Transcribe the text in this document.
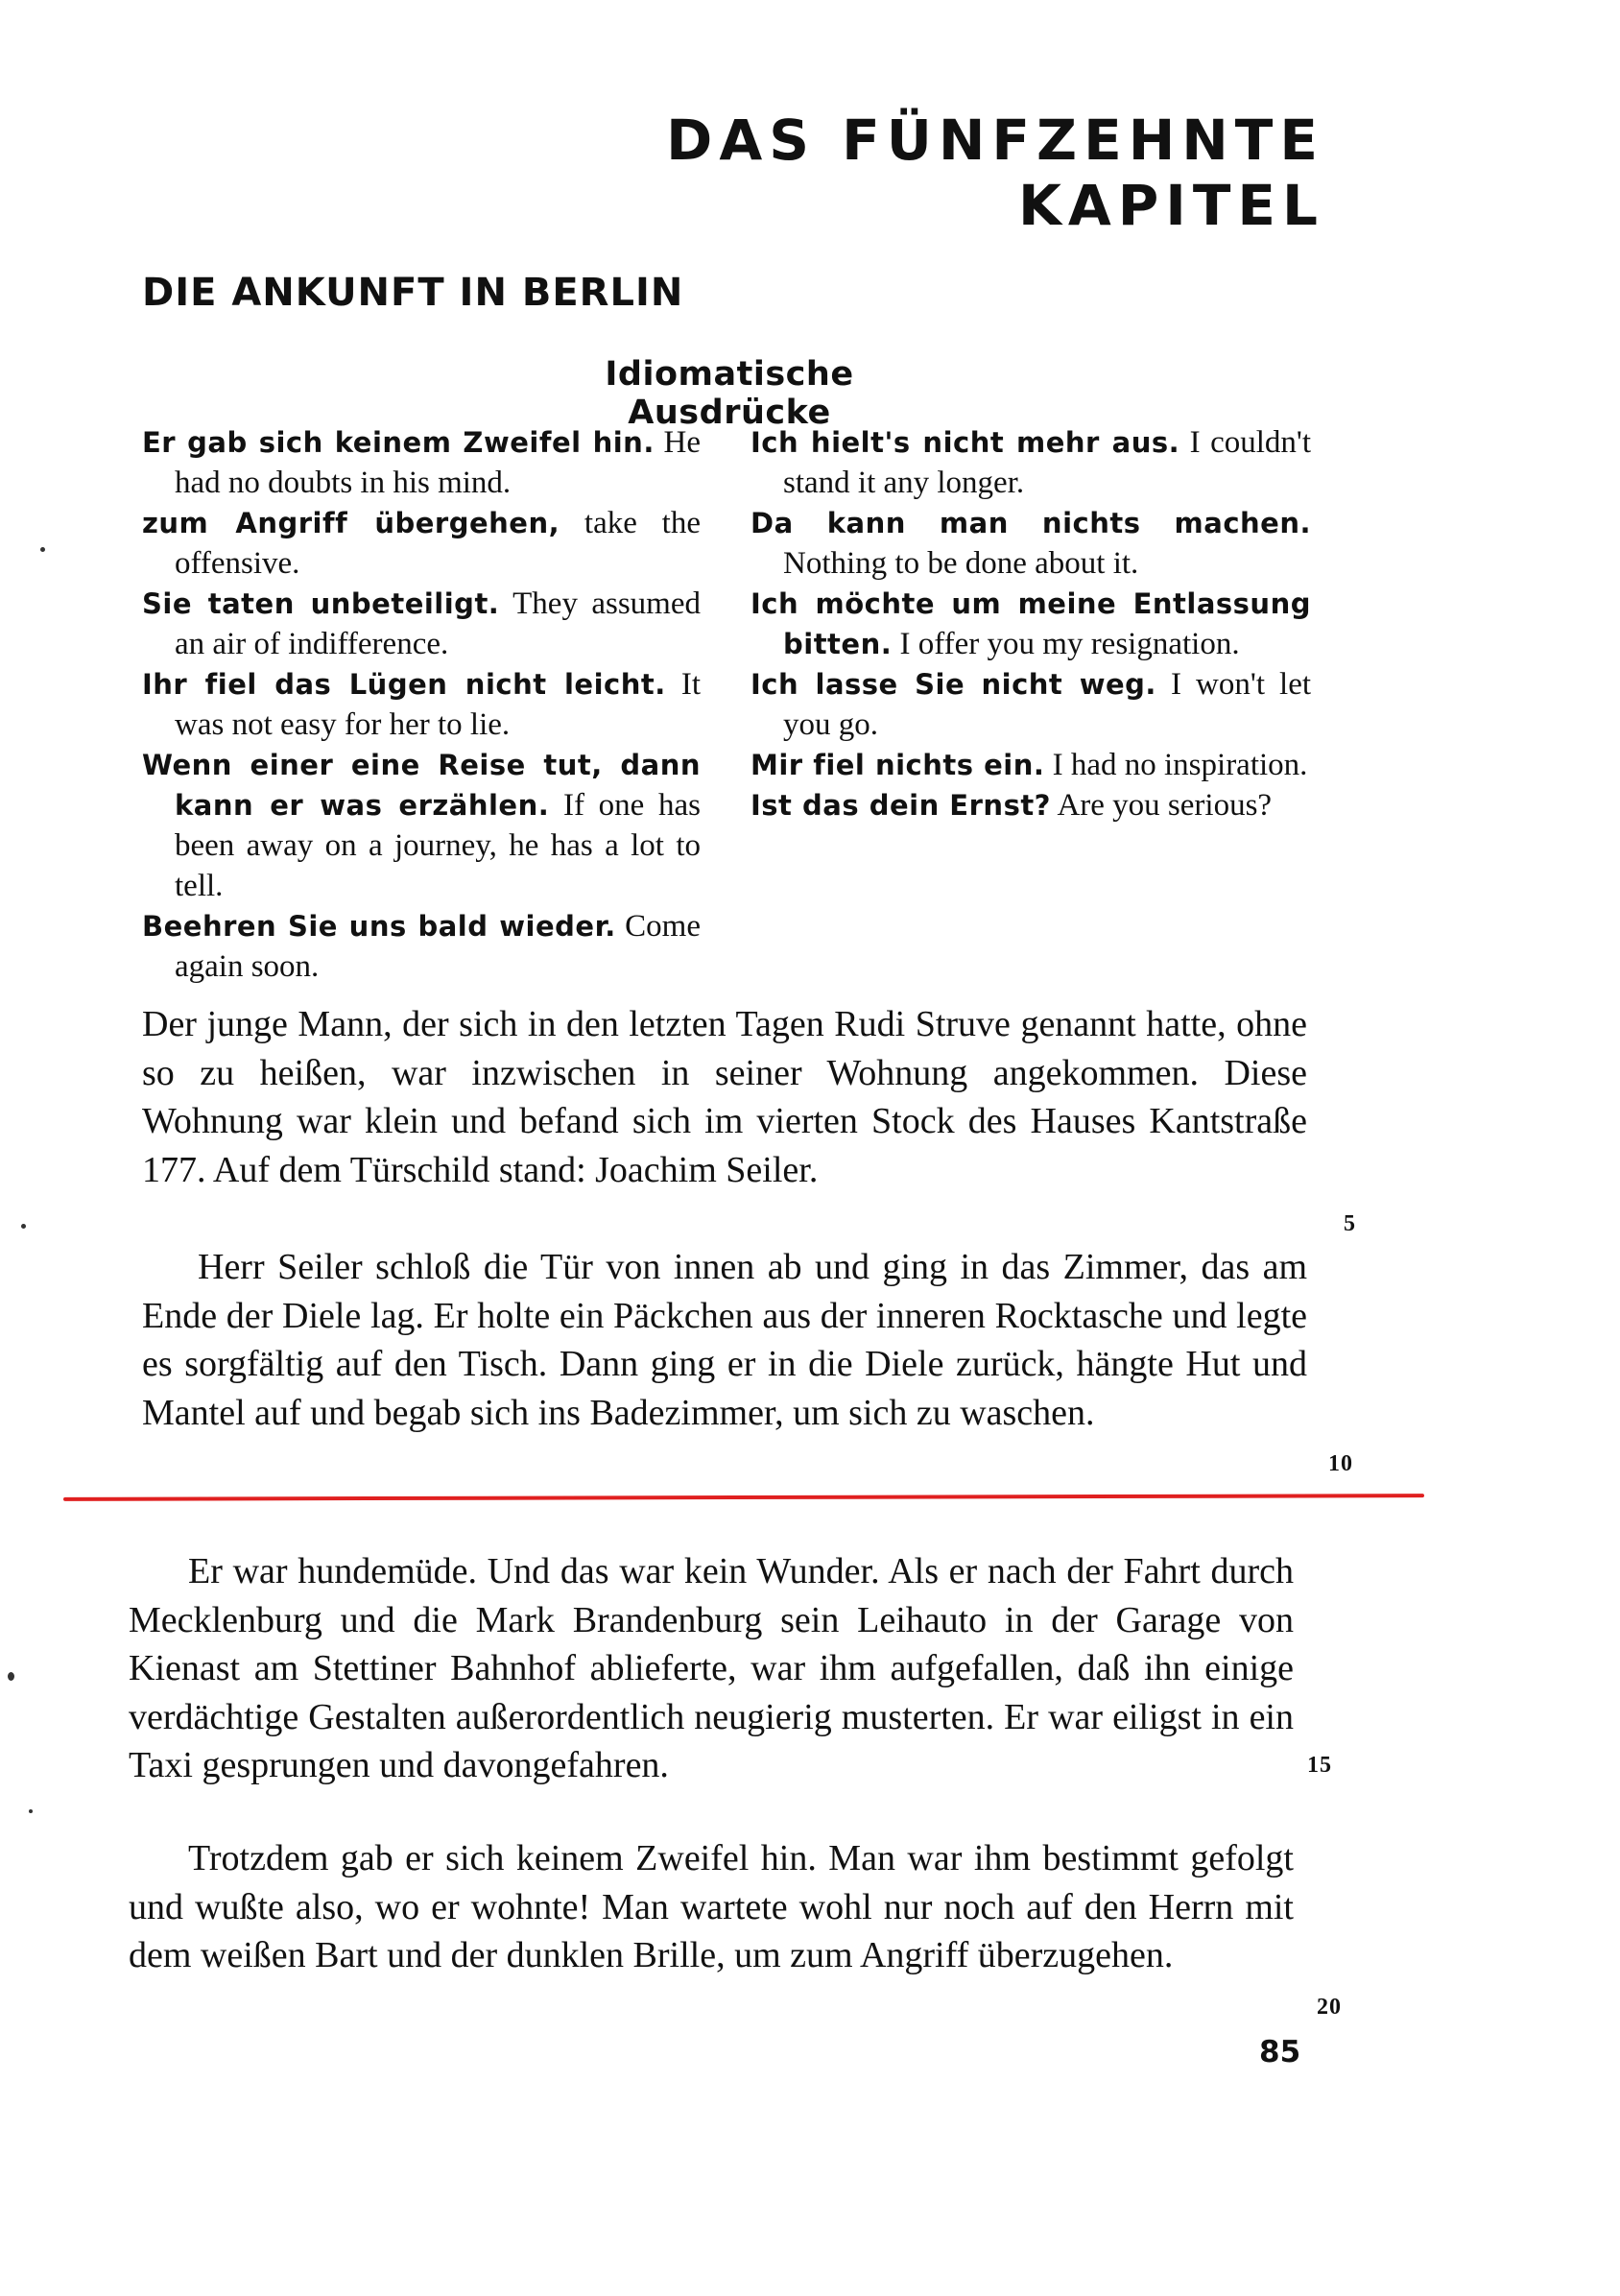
DAS FÜNFZEHNTE KAPITEL
DIE ANKUNFT IN BERLIN
Idiomatische Ausdrücke

Er gab sich keinem Zweifel hin. He had no doubts in his mind.

zum Angriff übergehen, take the offensive.

Sie taten unbeteiligt. They assumed an air of indifference.

Ihr fiel das Lügen nicht leicht. It was not easy for her to lie.

Wenn einer eine Reise tut, dann kann er was erzählen. If one has been away on a journey, he has a lot to tell.

Beehren Sie uns bald wieder. Come again soon.

Ich hielt's nicht mehr aus. I couldn't stand it any longer.

Da kann man nichts machen. Nothing to be done about it.

Ich möchte um meine Entlassung bitten. I offer you my resignation.

Ich lasse Sie nicht weg. I won't let you go.

Mir fiel nichts ein. I had no inspiration.

Ist das dein Ernst? Are you serious?

Der junge Mann, der sich in den letzten Tagen Rudi Struve genannt hatte, ohne so zu heißen, war inzwischen in seiner Wohnung angekommen. Diese Wohnung war klein und befand sich im vierten Stock des Hauses Kantstraße 177. Auf dem Türschild stand: Joachim Seiler.

Herr Seiler schloß die Tür von innen ab und ging in das Zimmer, das am Ende der Diele lag. Er holte ein Päckchen aus der inneren Rocktasche und legte es sorgfältig auf den Tisch. Dann ging er in die Diele zurück, hängte Hut und Mantel auf und begab sich ins Badezimmer, um sich zu waschen.

5
10

Er war hundemüde. Und das war kein Wunder. Als er nach der Fahrt durch Mecklenburg und die Mark Brandenburg sein Leihauto in der Garage von Kienast am Stettiner Bahnhof ablieferte, war ihm aufgefallen, daß ihn einige verdächtige Gestalten außerordentlich neugierig musterten. Er war eiligst in ein Taxi gesprungen und davongefahren.

Trotzdem gab er sich keinem Zweifel hin. Man war ihm bestimmt gefolgt und wußte also, wo er wohnte! Man wartete wohl nur noch auf den Herrn mit dem weißen Bart und der dunklen Brille, um zum Angriff überzugehen.

15
20
85
